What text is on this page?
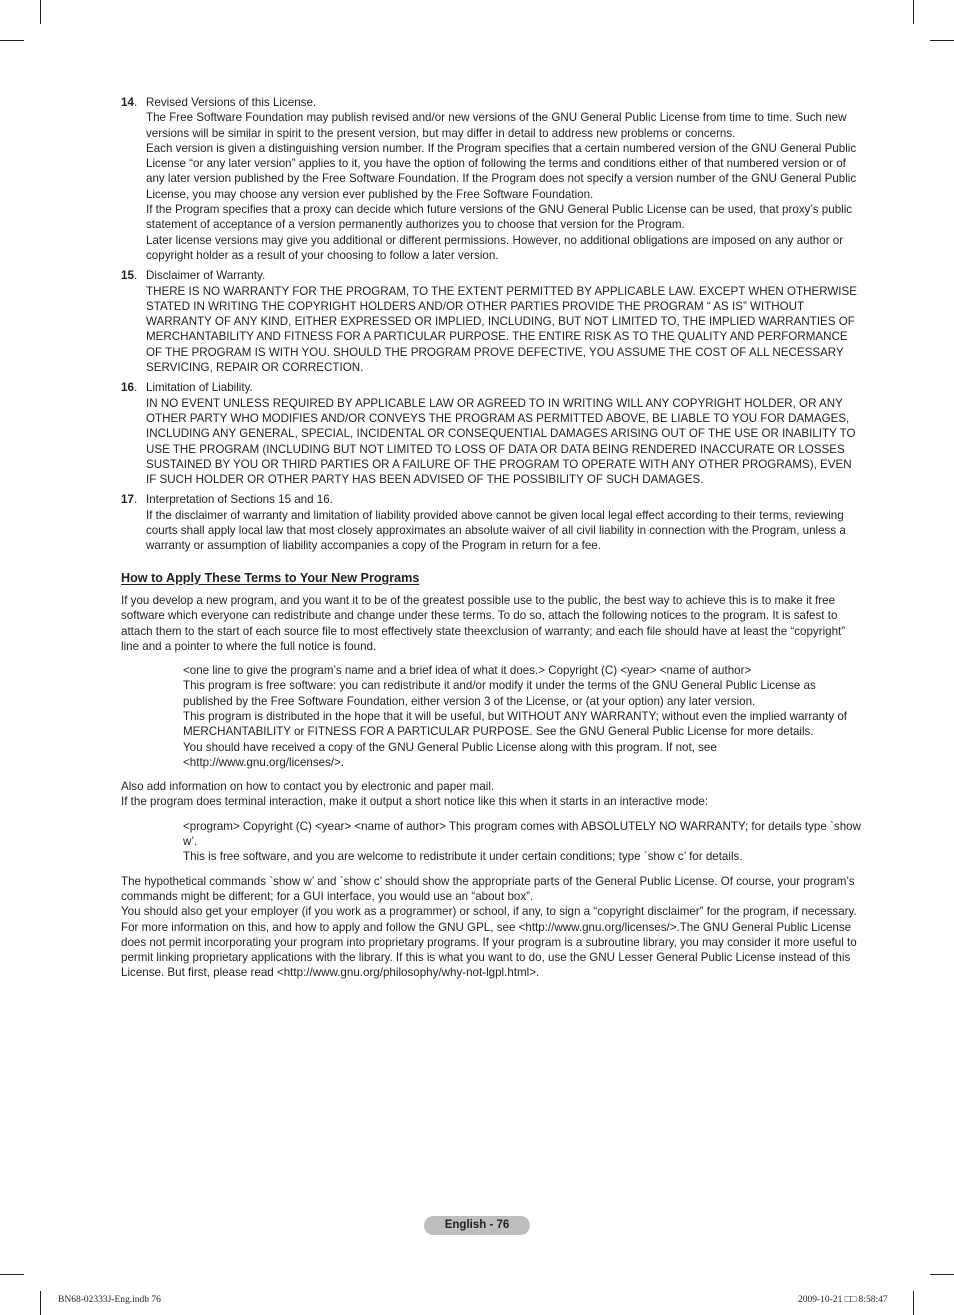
14 . Revised Versions of this License.

The Free Software Foundation may publish revised and/or new versions of the GNU General Public License from time to time. Such new versions will be similar in spirit to the present version, but may differ in detail to address new problems or concerns.

Each version is given a distinguishing version number. If the Program specifies that a certain numbered version of the GNU General Public License “or any later version” applies to it, you have the option of following the terms and conditions either of that numbered version or of any later version published by the Free Software Foundation. If the Program does not specify a version number of the GNU General Public License, you may choose any version ever published by the Free Software Foundation.

If the Program specifies that a proxy can decide which future versions of the GNU General Public License can be used, that proxy’s public statement of acceptance of a version permanently authorizes you to choose that version for the Program.

Later license versions may give you additional or different permissions. However, no additional obligations are imposed on any author or copyright holder as a result of your choosing to follow a later version.

15 . Disclaimer of Warranty.

THERE IS NO WARRANTY FOR THE PROGRAM, TO THE EXTENT PERMITTED BY APPLICABLE LAW. EXCEPT WHEN OTHERWISE STATED IN WRITING THE COPYRIGHT HOLDERS AND/OR OTHER PARTIES PROVIDE THE PROGRAM “ AS IS” WITHOUT WARRANTY OF ANY KIND, EITHER EXPRESSED OR IMPLIED, INCLUDING, BUT NOT LIMITED TO, THE IMPLIED WARRANTIES OF MERCHANTABILITY AND FITNESS FOR A PARTICULAR PURPOSE. THE ENTIRE RISK AS TO THE QUALITY AND PERFORMANCE OF THE PROGRAM IS WITH YOU. SHOULD THE PROGRAM PROVE DEFECTIVE, YOU ASSUME THE COST OF ALL NECESSARY SERVICING, REPAIR OR CORRECTION.

16 . Limitation of Liability.

IN NO EVENT UNLESS REQUIRED BY APPLICABLE LAW OR AGREED TO IN WRITING WILL ANY COPYRIGHT HOLDER, OR ANY OTHER PARTY WHO MODIFIES AND/OR CONVEYS THE PROGRAM AS PERMITTED ABOVE, BE LIABLE TO YOU FOR DAMAGES, INCLUDING ANY GENERAL, SPECIAL, INCIDENTAL OR CONSEQUENTIAL DAMAGES ARISING OUT OF THE USE OR INABILITY TO USE THE PROGRAM (INCLUDING BUT NOT LIMITED TO LOSS OF DATA OR DATA BEING RENDERED INACCURATE OR LOSSES SUSTAINED BY YOU OR THIRD PARTIES OR A FAILURE OF THE PROGRAM TO OPERATE WITH ANY OTHER PROGRAMS), EVEN IF SUCH HOLDER OR OTHER PARTY HAS BEEN ADVISED OF THE POSSIBILITY OF SUCH DAMAGES.

17 . Interpretation of Sections 15 and 16.

If the disclaimer of warranty and limitation of liability provided above cannot be given local legal effect according to their terms, reviewing courts shall apply local law that most closely approximates an absolute waiver of all civil liability in connection with the Program, unless a warranty or assumption of liability accompanies a copy of the Program in return for a fee.

How to Apply These Terms to Your New Programs

If you develop a new program, and you want it to be of the greatest possible use to the public, the best way to achieve this is to make it free software which everyone can redistribute and change under these terms. To do so, attach the following notices to the program. It is safest to attach them to the start of each source file to most effectively state theexclusion of warranty; and each file should have at least the “copyright” line and a pointer to where the full notice is found.

<one line to give the program’s name and a brief idea of what it does.> Copyright (C) <year> <name of author>

This program is free software: you can redistribute it and/or modify it under the terms of the GNU General Public License as published by the Free Software Foundation, either version 3 of the License, or (at your option) any later version.

This program is distributed in the hope that it will be useful, but WITHOUT ANY WARRANTY; without even the implied warranty of MERCHANTABILITY or FITNESS FOR A PARTICULAR PURPOSE. See the GNU General Public License for more details.

You should have received a copy of the GNU General Public License along with this program. If not, see <http://www.gnu.org/licenses/>.

Also add information on how to contact you by electronic and paper mail.

If the program does terminal interaction, make it output a short notice like this when it starts in an interactive mode:

<program> Copyright (C) <year> <name of author> This program comes with ABSOLUTELY NO WARRANTY; for details type `show w’.

This is free software, and you are welcome to redistribute it under certain conditions; type `show c’ for details.

The hypothetical commands `show w’ and `show c’ should show the appropriate parts of the General Public License. Of course, your program’s commands might be different; for a GUI interface, you would use an “about box”.

You should also get your employer (if you work as a programmer) or school, if any, to sign a “copyright disclaimer” for the program, if necessary.

For more information on this, and how to apply and follow the GNU GPL, see <http://www.gnu.org/licenses/>.The GNU General Public License does not permit incorporating your program into proprietary programs. If your program is a subroutine library, you may consider it more useful to permit linking proprietary applications with the library. If this is what you want to do, use the GNU Lesser General Public License instead of this License. But first, please read <http://www.gnu.org/philosophy/why-not-lgpl.html>.

English - 76
BN68-02333J-Eng.indb 76	2009-10-21 □□ 8:58:47
